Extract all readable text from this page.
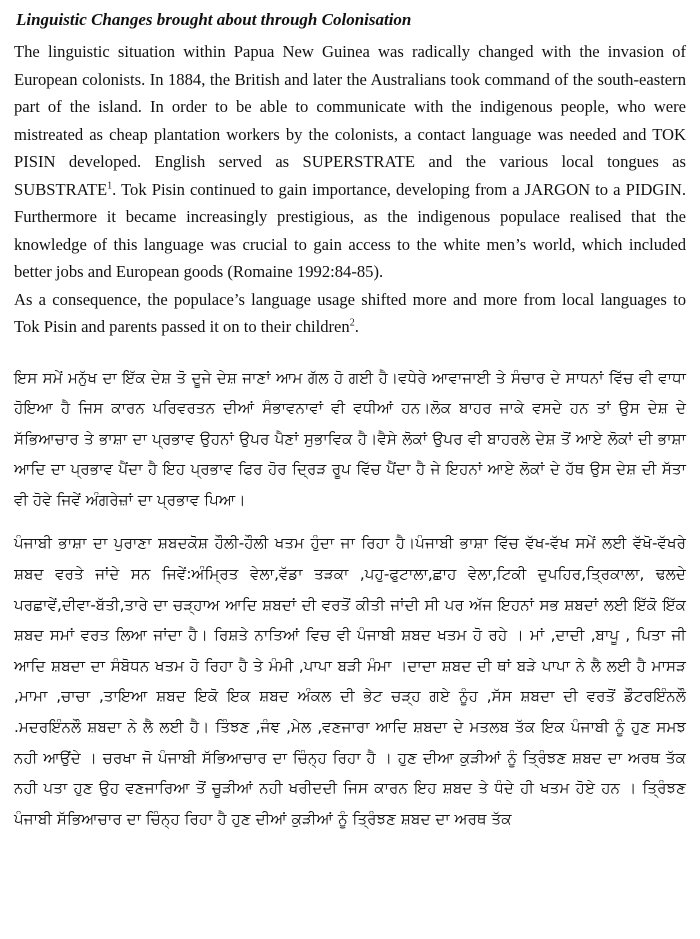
Linguistic Changes brought about through Colonisation

The linguistic situation within Papua New Guinea was radically changed with the invasion of European colonists. In 1884, the British and later the Australians took command of the south-eastern part of the island. In order to be able to communicate with the indigenous people, who were mistreated as cheap plantation workers by the colonists, a contact language was needed and TOK PISIN developed. English served as SUPERSTRATE and the various local tongues as SUBSTRATE$^1$. Tok Pisin continued to gain importance, developing from a JARGON to a PIDGIN. Furthermore it became increasingly prestigious, as the indigenous populace realised that the knowledge of this language was crucial to gain access to the white men’s world, which included better jobs and European goods (Romaine 1992:84-85).

As a consequence, the populace’s language usage shifted more and more from local languages to Tok Pisin and parents passed it on to their children$^2$.

ਇਸ ਸਮੇਂ ਮਨੁੱਖ ਦਾ ਇੱਕ ਦੇਸ਼ ਤੋ ਦੂਜੇ ਦੇਸ਼ ਜਾਣਾਂ ਆਮ ਗੱਲ ਹੋ ਗਈ ਹੈ।ਵਧੇਰੇ ਆਵਾਜਾਈ ਤੇ ਸੰਚਾਰ ਦੇ ਸਾਧਨਾਂ ਵਿੱਚ ਵੀ ਵਾਧਾ ਹੋਇਆ ਹੈ ਜਿਸ ਕਾਰਨ ਪਰਿਵਰਤਨ ਦੀਆਂ ਸੰਭਾਵਨਾਵਾਂ ਵੀ ਵਧੀਆਂ ਹਨ।ਲੋਕ ਬਾਹਰ ਜਾਕੇ ਵਸਦੇ ਹਨ ਤਾਂ ਉਸ ਦੇਸ਼ ਦੇ ਸੱਭਿਆਚਾਰ ਤੇ ਭਾਸ਼ਾ ਦਾ ਪ੍ਰਭਾਵ ਉਹਨਾਂ ਉਪਰ ਪੈਣਾਂ ਸੁਭਾਵਿਕ ਹੈ।ਵੈਸੇ ਲੋਕਾਂ ਉਪਰ ਵੀ ਬਾਹਰਲੇ ਦੇਸ਼ ਤੋਂ ਆਏ ਲੋਕਾਂ ਦੀ ਭਾਸ਼ਾ ਆਦਿ ਦਾ ਪ੍ਰਭਾਵ ਪੈਂਦਾ ਹੈ ਇਹ ਪ੍ਰਭਾਵ ਫਿਰ ਹੋਰ ਦ੍ਰਿੜ ਰੂਪ ਵਿੱਚ ਪੈਂਦਾ ਹੈ ਜੇ ਇਹਨਾਂ ਆਏ ਲੋਕਾਂ ਦੇ ਹੱਥ ਉਸ ਦੇਸ਼ ਦੀ ਸੱਤਾ ਵੀ ਹੋਵੇ ਜਿਵੇਂ ਅੰਗਰੇਜ਼ਾਂ ਦਾ ਪ੍ਰਭਾਵ ਪਿਆ।

ਪੰਜਾਬੀ ਭਾਸ਼ਾ ਦਾ ਪੁਰਾਣਾ ਸ਼ਬਦਕੋਸ਼ ਹੌਲੀ-ਹੌਲੀ ਖਤਮ ਹੁੰਦਾ ਜਾ ਰਿਹਾ ਹੈ।ਪੰਜਾਬੀ ਭਾਸ਼ਾ ਵਿੱਚ ਵੱਖ-ਵੱਖ ਸਮੇਂ ਲਈ ਵੱਖੋ-ਵੱਖਰੇ ਸ਼ਬਦ ਵਰਤੇ ਜਾਂਦੇ ਸਨ ਜਿਵੇਂ:ਅੰਮ੍ਰਿਤ ਵੇਲਾ,ਵੱਡਾ ਤੜਕਾ ,ਪਹੁ-ਫੁਟਾਲਾ,ਛਾਹ ਵੇਲਾ,ਟਿਕੀ ਦੁਪਹਿਰ,ਤ੍ਰਿਕਾਲਾ, ਢਲਦੇ ਪਰਛਾਵੇਂ,ਦੀਵਾ-ਬੱਤੀ,ਤਾਰੇ ਦਾ ਚੜ੍ਹਾਅ ਆਦਿ ਸ਼ਬਦਾਂ ਦੀ ਵਰਤੋਂ ਕੀਤੀ ਜਾਂਦੀ ਸੀ ਪਰ ਅੱਜ ਇਹਨਾਂ ਸਭ ਸ਼ਬਦਾਂ ਲਈ ਇੱਕੋ ਇੱਕ ਸ਼ਬਦ ਸਮਾਂ ਵਰਤ ਲਿਆ ਜਾਂਦਾ ਹੈ। ਰਿਸ਼ਤੇ ਨਾਤਿਆਂ ਵਿਚ ਵੀ ਪੰਜਾਬੀ ਸ਼ਬਦ ਖਤਮ ਹੋ ਰਹੇ । ਮਾਂ ,ਦਾਦੀ ,ਬਾਪੂ , ਪਿਤਾ ਜੀ ਆਦਿ ਸ਼ਬਦਾ ਦਾ ਸੰਬੋਧਨ ਖਤਮ ਹੋ ਰਿਹਾ ਹੈ ਤੇ ਮੰਮੀ ,ਪਾਪਾ ਬੜੀ ਮੰਮਾ ।ਦਾਦਾ ਸ਼ਬਦ ਦੀ ਥਾਂ ਬੜੇ ਪਾਪਾ ਨੇ ਲੈ ਲਈ ਹੈ ਮਾਸੜ ,ਮਾਮਾ ,ਚਾਚਾ ,ਤਾਇਆ ਸ਼ਬਦ ਇਕੋ ਇਕ ਸ਼ਬਦ ਅੰਕਲ ਦੀ ਭੇਟ ਚੜ੍ਹ ਗਏ ਨੂੰਹ ,ਸੱਸ ਸ਼ਬਦਾ ਦੀ ਵਰਤੋਂ ਡੌਟਰਇੰਨਲੌ .ਮਦਰਇੰਨਲੌ ਸ਼ਬਦਾ ਨੇ ਲੈ ਲਈ ਹੈ। ਤਿੰਝਣ ,ਜੰਞ ,ਮੇਲ ,ਵਣਜਾਰਾ ਆਦਿ ਸ਼ਬਦਾ ਦੇ ਮਤਲਬ ਤੱਕ ਇਕ ਪੰਜਾਬੀ ਨੂੰ ਹੁਣ ਸਮਝ ਨਹੀ ਆਉਂਦੇ । ਚਰਖਾ ਜੋ ਪੰਜਾਬੀ ਸੱਭਿਆਚਾਰ ਦਾ ਚਿੰਨ੍ਹ ਰਿਹਾ ਹੈ । ਹੁਣ ਦੀਆ ਕੁੜੀਆਂ ਨੂੰ ਤ੍ਰਿੰਝਣ ਸ਼ਬਦ ਦਾ ਅਰਥ ਤੱਕ ਨਹੀ ਪਤਾ ਹੁਣ ਉਹ ਵਣਜਾਰਿਆ ਤੋਂ ਚੂੜੀਆਂ ਨਹੀ ਖਰੀਦਦੀ ਜਿਸ ਕਾਰਨ ਇਹ ਸ਼ਬਦ ਤੇ ਧੰਦੇ ਹੀ ਖਤਮ ਹੋਏ ਹਨ । ਤ੍ਰਿੰਝਣ ਪੰਜਾਬੀ ਸੱਭਿਆਚਾਰ ਦਾ ਚਿੰਨ੍ਹ ਰਿਹਾ ਹੈ ਹੁਣ ਦੀਆਂ ਕੁੜੀਆਂ ਨੂੰ ਤ੍ਰਿੰਝਣ ਸ਼ਬਦ ਦਾ ਅਰਥ ਤੱਕ
